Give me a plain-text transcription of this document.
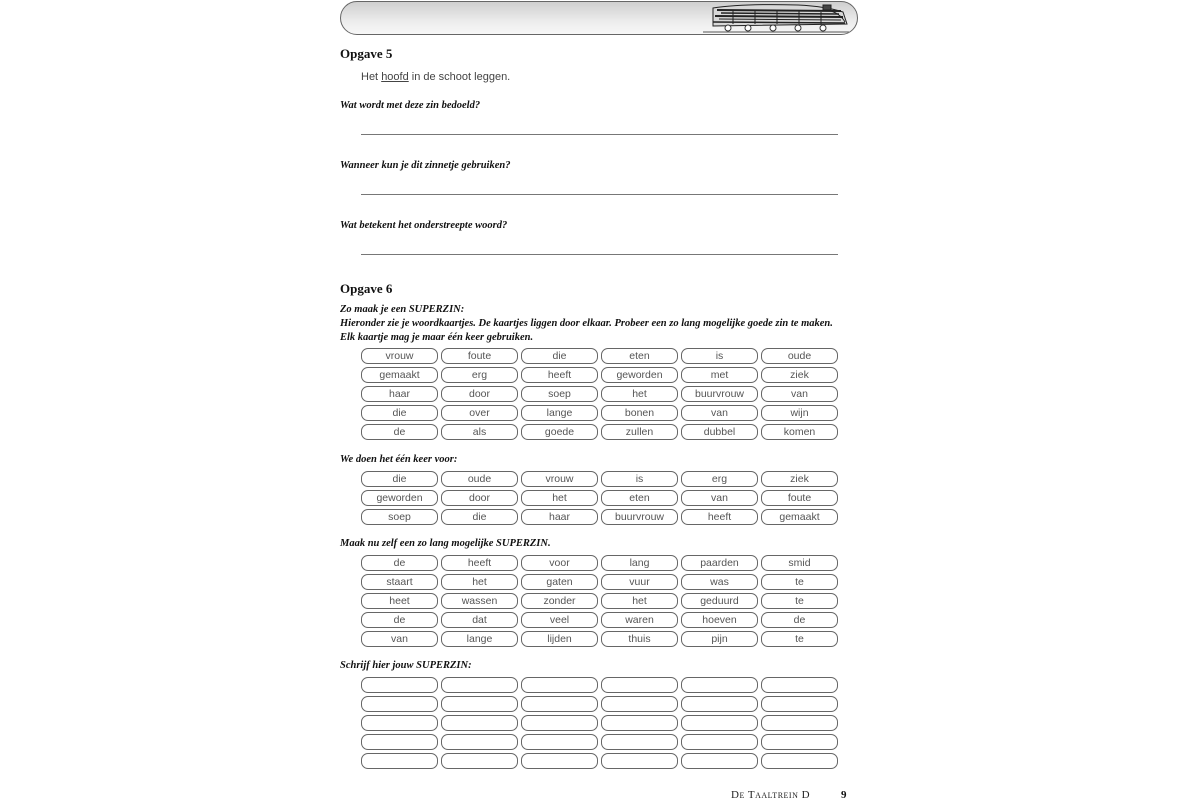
Opgave 5
Het hoofd in de schoot leggen.
Wat wordt met deze zin bedoeld?
Wanneer kun je dit zinnetje gebruiken?
Wat betekent het onderstreepte woord?
Opgave 6
Zo maak je een SUPERZIN:
Hieronder zie je woordkaartjes. De kaartjes liggen door elkaar. Probeer een zo lang mogelijke goede zin te maken. Elk kaartje mag je maar één keer gebruiken.
vrouw	foute	die	eten	is	oude
gemaakt	erg	heeft	geworden	met	ziek
haar	door	soep	het	buurvrouw	van
die	over	lange	bonen	van	wijn
de	als	goede	zullen	dubbel	komen
We doen het één keer voor:
die	oude	vrouw	is	erg	ziek
geworden	door	het	eten	van	foute
soep	die	haar	buurvrouw	heeft	gemaakt
Maak nu zelf een zo lang mogelijke SUPERZIN.
de	heeft	voor	lang	paarden	smid
staart	het	gaten	vuur	was	te
heet	wassen	zonder	het	geduurd	te
de	dat	veel	waren	hoeven	de
van	lange	lijden	thuis	pijn	te
Schrijf hier jouw SUPERZIN:
De Taaltrein D	9
